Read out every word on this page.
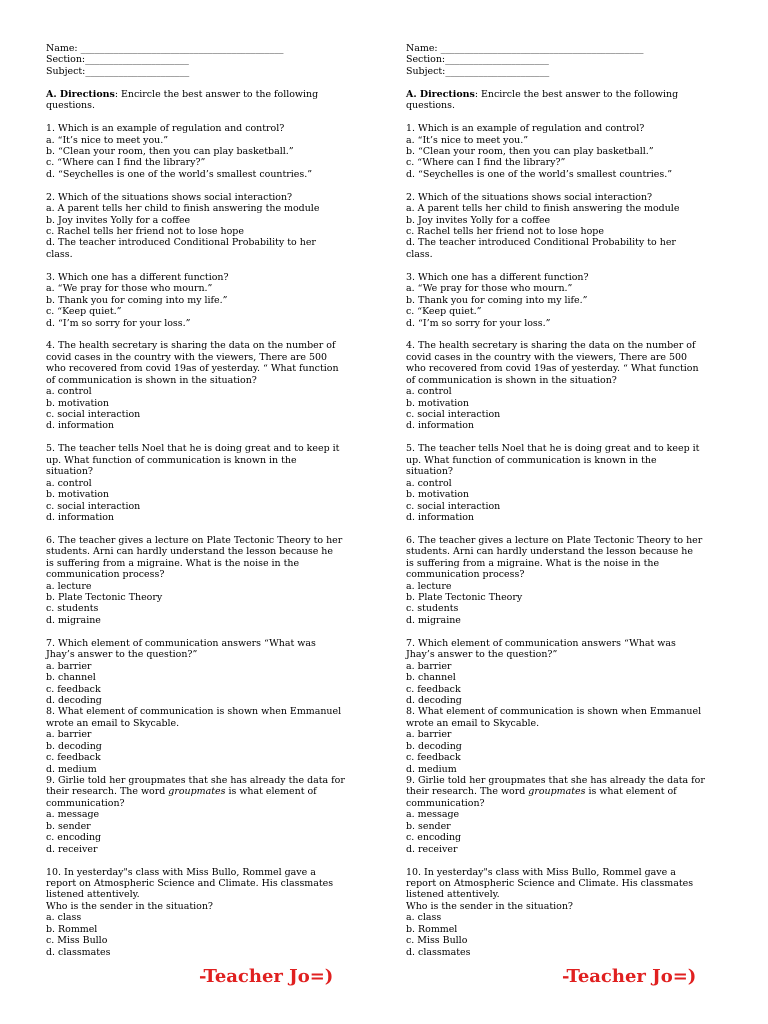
Name: ___________________________________________
Section:______________________
Subject:______________________
A. Directions: Encircle the best answer to the following
questions.
1. Which is an example of regulation and control?
a. “It’s nice to meet you.”
b. “Clean your room, then you can play basketball.”
c. “Where can I find the library?”
d. “Seychelles is one of the world’s smallest countries.”
2. Which of the situations shows social interaction?
a. A parent tells her child to finish answering the module
b. Joy invites Yolly for a coffee
c. Rachel tells her friend not to lose hope
d. The teacher introduced Conditional Probability to her
class.
3. Which one has a different function?
a. “We pray for those who mourn.”
b. Thank you for coming into my life.”
c. “Keep quiet.”
d. “I’m so sorry for your loss.”
4. The health secretary is sharing the data on the number of
covid cases in the country with the viewers, There are 500
who recovered from covid 19as of yesterday. “ What function
of communication is shown in the situation?
a. control
b. motivation
c. social interaction
d. information
5. The teacher tells Noel that he is doing great and to keep it
up. What function of communication is known in the
situation?
a. control
b. motivation
c. social interaction
d. information
6. The teacher gives a lecture on Plate Tectonic Theory to her
students. Arni can hardly understand the lesson because he
is suffering from a migraine. What is the noise in the
communication process?
a. lecture
b. Plate Tectonic Theory
c. students
d. migraine
7. Which element of communication answers “What was
Jhay’s answer to the question?”
a. barrier
b. channel
c. feedback
d. decoding
8. What element of communication is shown when Emmanuel
wrote an email to Skycable.
a. barrier
b. decoding
c. feedback
d. medium
9. Girlie told her groupmates that she has already the data for
their research. The word groupmates is what element of
communication?
a. message
b. sender
c. encoding
d. receiver
10. In yesterday"s class with Miss Bullo, Rommel gave a
report on Atmospheric Science and Climate. His classmates
listened attentively.
Who is the sender in the situation?
a. class
b. Rommel
c. Miss Bullo
d. classmates
Name: ___________________________________________
Section:______________________
Subject:______________________
A. Directions: Encircle the best answer to the following
questions.
1. Which is an example of regulation and control?
a. “It’s nice to meet you.”
b. “Clean your room, then you can play basketball.”
c. “Where can I find the library?”
d. “Seychelles is one of the world’s smallest countries.”
2. Which of the situations shows social interaction?
a. A parent tells her child to finish answering the module
b. Joy invites Yolly for a coffee
c. Rachel tells her friend not to lose hope
d. The teacher introduced Conditional Probability to her
class.
3. Which one has a different function?
a. “We pray for those who mourn.”
b. Thank you for coming into my life.”
c. “Keep quiet.”
d. “I’m so sorry for your loss.”
4. The health secretary is sharing the data on the number of
covid cases in the country with the viewers, There are 500
who recovered from covid 19as of yesterday. “ What function
of communication is shown in the situation?
a. control
b. motivation
c. social interaction
d. information
5. The teacher tells Noel that he is doing great and to keep it
up. What function of communication is known in the
situation?
a. control
b. motivation
c. social interaction
d. information
6. The teacher gives a lecture on Plate Tectonic Theory to her
students. Arni can hardly understand the lesson because he
is suffering from a migraine. What is the noise in the
communication process?
a. lecture
b. Plate Tectonic Theory
c. students
d. migraine
7. Which element of communication answers “What was
Jhay’s answer to the question?”
a. barrier
b. channel
c. feedback
d. decoding
8. What element of communication is shown when Emmanuel
wrote an email to Skycable.
a. barrier
b. decoding
c. feedback
d. medium
9. Girlie told her groupmates that she has already the data for
their research. The word groupmates is what element of
communication?
a. message
b. sender
c. encoding
d. receiver
10. In yesterday"s class with Miss Bullo, Rommel gave a
report on Atmospheric Science and Climate. His classmates
listened attentively.
Who is the sender in the situation?
a. class
b. Rommel
c. Miss Bullo
d. classmates
-Teacher Jo=)	-Teacher Jo=)
